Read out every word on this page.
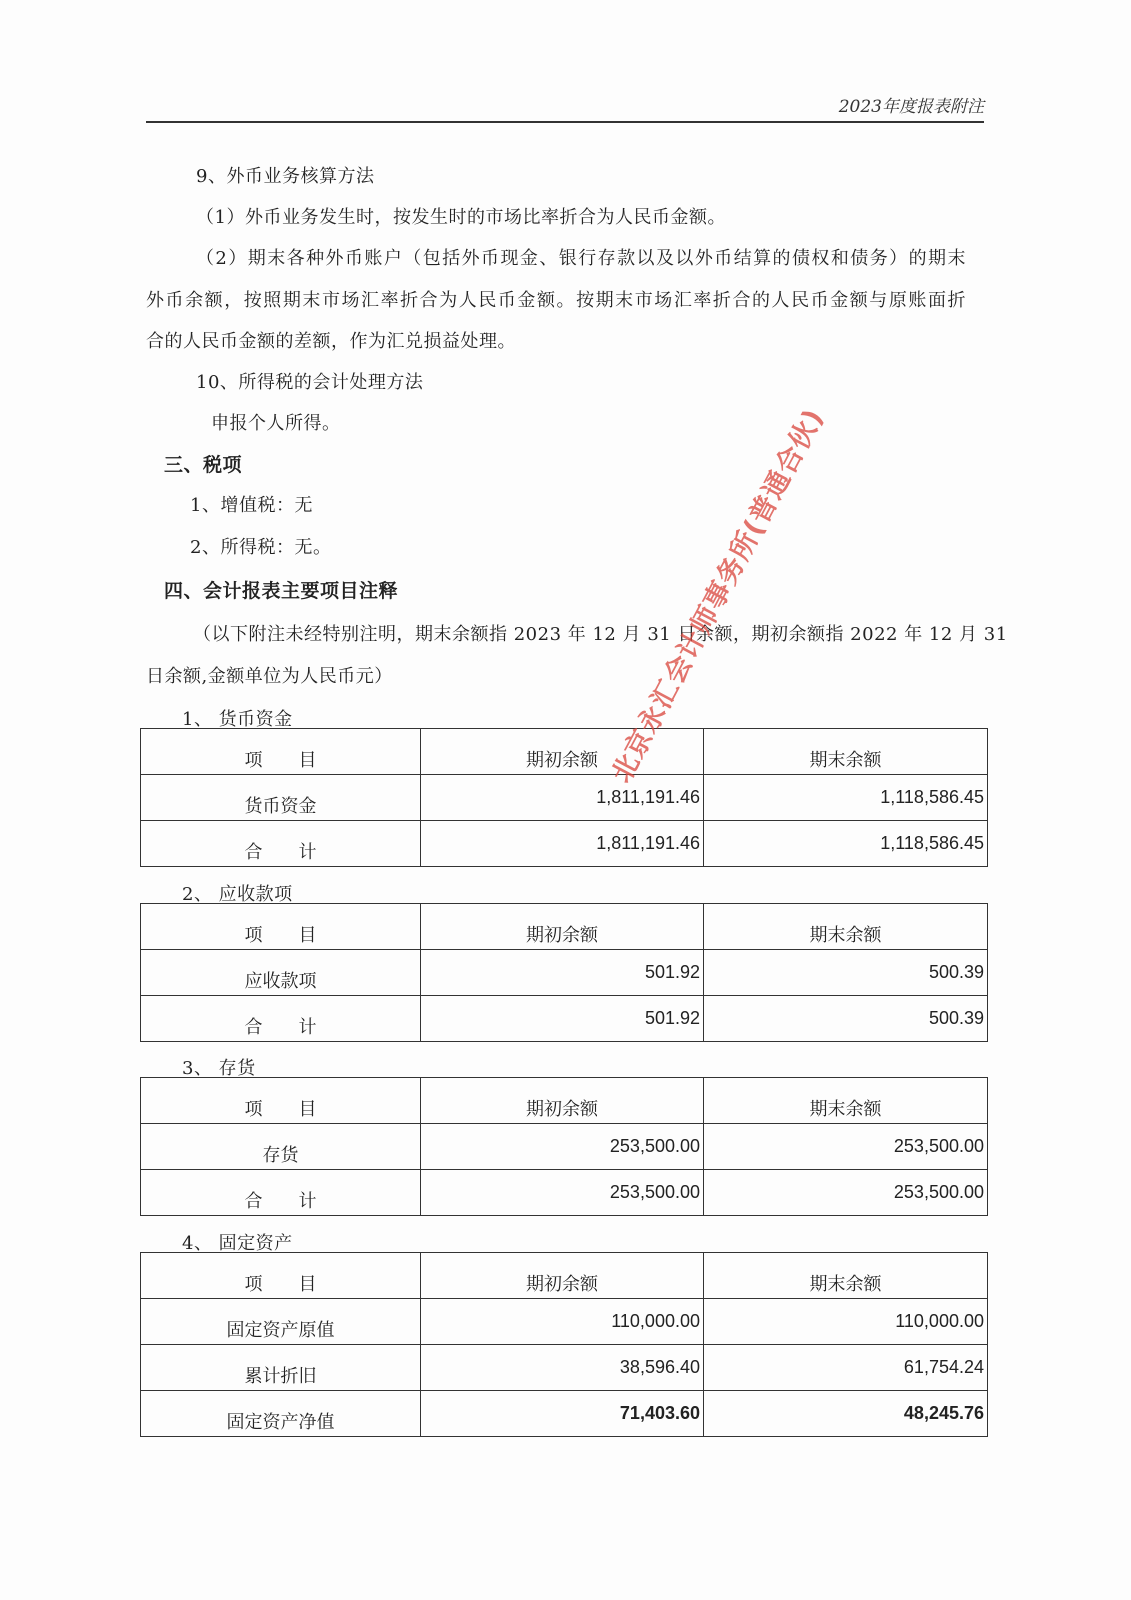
2023年度报表附注
9、外币业务核算方法
（1）外币业务发生时，按发生时的市场比率折合为人民币金额。
（2）期末各种外币账户（包括外币现金、银行存款以及以外币结算的债权和债务）的期末
外币余额，按照期末市场汇率折合为人民币金额。按期末市场汇率折合的人民币金额与原账面折
合的人民币金额的差额，作为汇兑损益处理。
10、所得税的会计处理方法
申报个人所得。
三、税项
1、增值税：无
2、所得税：无。
四、会计报表主要项目注释
（以下附注未经特别注明，期末余额指 2023 年 12 月 31 日余额，期初余额指 2022 年 12 月 31
日余额,金额单位为人民币元）
1、 货币资金
项　　目	期初余额	期末余额
货币资金	1,811,191.46	1,118,586.45
合　　计	1,811,191.46	1,118,586.45
2、 应收款项
项　　目	期初余额	期末余额
应收款项	501.92	500.39
合　　计	501.92	500.39
3、 存货
项　　目	期初余额	期末余额
存货	253,500.00	253,500.00
合　　计	253,500.00	253,500.00
4、 固定资产
项　　目	期初余额	期末余额
固定资产原值	110,000.00	110,000.00
累计折旧	38,596.40	61,754.24
固定资产净值	71,403.60	48,245.76
北京永汇会计师事务所(普通合伙)
